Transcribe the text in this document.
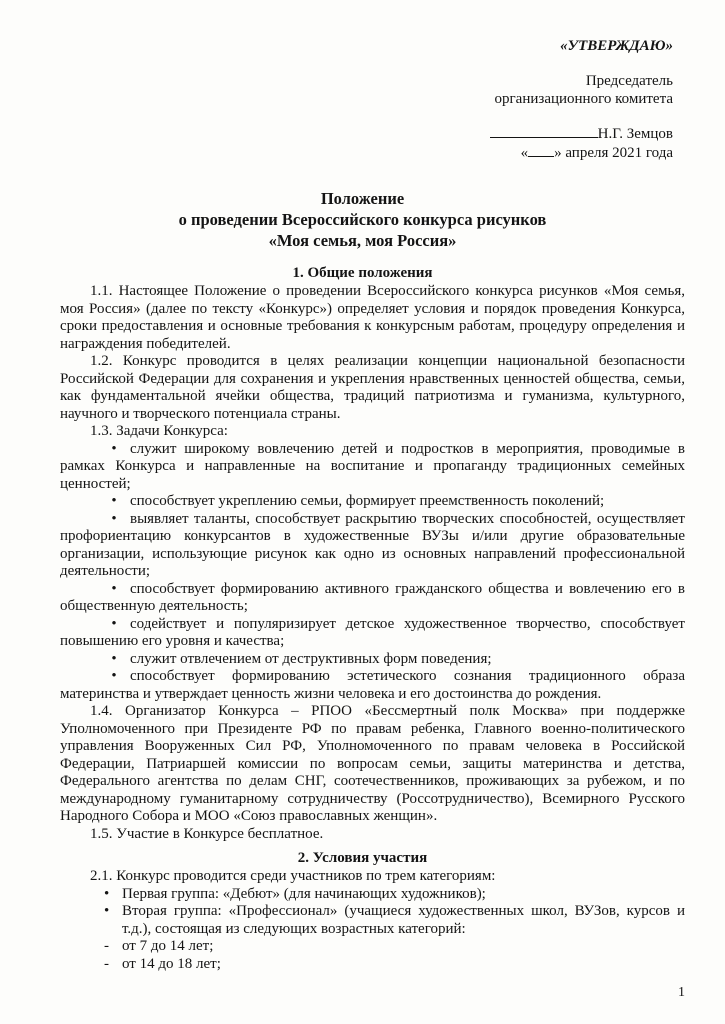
«УТВЕРЖДАЮ»
Председатель
организационного комитета
Н.Г. Земцов
« » апреля 2021 года
Положение
о проведении Всероссийского конкурса рисунков
«Моя семья, моя Россия»
1. Общие положения

1.1. Настоящее Положение о проведении Всероссийского конкурса рисунков «Моя семья, моя Россия» (далее по тексту «Конкурс») определяет условия и порядок проведения Конкурса, сроки предоставления и основные требования к конкурсным работам, процедуру определения и награждения победителей.

1.2. Конкурс проводится в целях реализации концепции национальной безопасности Российской Федерации для сохранения и укрепления нравственных ценностей общества, семьи, как фундаментальной ячейки общества, традиций патриотизма и гуманизма, культурного, научного и творческого потенциала страны.

1.3. Задачи Конкурса:

• служит широкому вовлечению детей и подростков в мероприятия, проводимые в рамках Конкурса и направленные на воспитание и пропаганду традиционных семейных ценностей;
• способствует укреплению семьи, формирует преемственность поколений;
• выявляет таланты, способствует раскрытию творческих способностей, осуществляет профориентацию конкурсантов в художественные ВУЗы и/или другие образовательные организации, использующие рисунок как одно из основных направлений профессиональной деятельности;
• способствует формированию активного гражданского общества и вовлечению его в общественную деятельность;
• содействует и популяризирует детское художественное творчество, способствует повышению его уровня и качества;
• служит отвлечением от деструктивных форм поведения;
• способствует формированию эстетического сознания традиционного образа материнства и утверждает ценность жизни человека и его достоинства до рождения.

1.4. Организатор Конкурса – РПОО «Бессмертный полк Москва» при поддержке Уполномоченного при Президенте РФ по правам ребенка, Главного военно-политического управления Вооруженных Сил РФ, Уполномоченного по правам человека в Российской Федерации, Патриаршей комиссии по вопросам семьи, защиты материнства и детства, Федерального агентства по делам СНГ, соотечественников, проживающих за рубежом, и по международному гуманитарному сотрудничеству (Россотрудничество), Всемирного Русского Народного Собора и МОО «Союз православных женщин».

1.5. Участие в Конкурсе бесплатное.

2. Условия участия
2.1. Конкурс проводится среди участников по трем категориям:
• Первая группа: «Дебют» (для начинающих художников);
• Вторая группа: «Профессионал» (учащиеся художественных школ, ВУЗов, курсов и т.д.), состоящая из следующих возрастных категорий:
- от 7 до 14 лет;
- от 14 до 18 лет;
1
